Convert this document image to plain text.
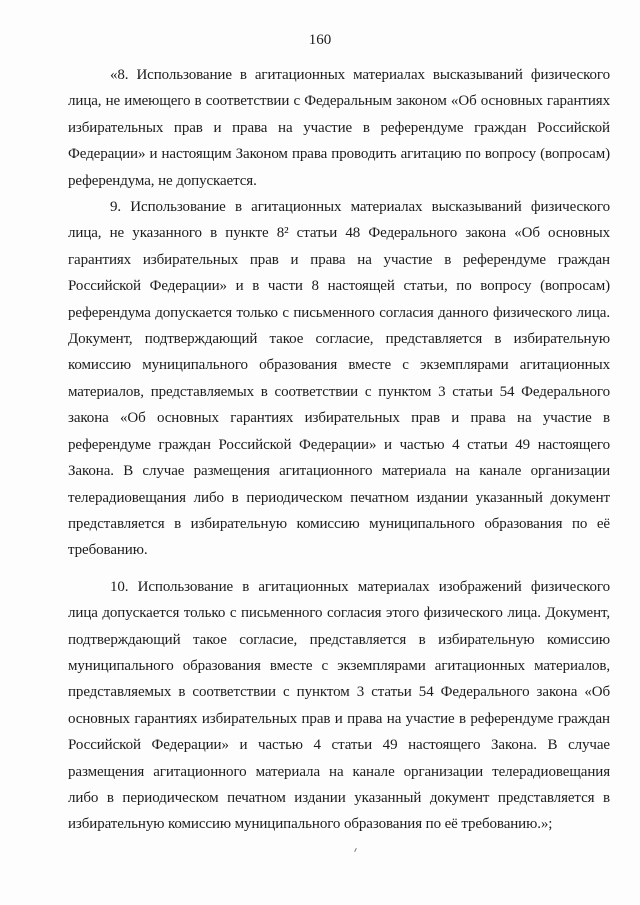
160

«8. Использование в агитационных материалах высказываний физического лица, не имеющего в соответствии с Федеральным законом «Об основных гарантиях избирательных прав и права на участие в референдуме граждан Российской Федерации» и настоящим Законом права проводить агитацию по вопросу (вопросам) референдума, не допускается.

9. Использование в агитационных материалах высказываний физического лица, не указанного в пункте 8² статьи 48 Федерального закона «Об основных гарантиях избирательных прав и права на участие в референдуме граждан Российской Федерации» и в части 8 настоящей статьи, по вопросу (вопросам) референдума допускается только с письменного согласия данного физического лица. Документ, подтверждающий такое согласие, представляется в избирательную комиссию муниципального образования вместе с экземплярами агитационных материалов, представляемых в соответствии с пунктом 3 статьи 54 Федерального закона «Об основных гарантиях избирательных прав и права на участие в референдуме граждан Российской Федерации» и частью 4 статьи 49 настоящего Закона. В случае размещения агитационного материала на канале организации телерадиовещания либо в периодическом печатном издании указанный документ представляется в избирательную комиссию муниципального образования по её требованию.

10. Использование в агитационных материалах изображений физического лица допускается только с письменного согласия этого физического лица. Документ, подтверждающий такое согласие, представляется в избирательную комиссию муниципального образования вместе с экземплярами агитационных материалов, представляемых в соответствии с пунктом 3 статьи 54 Федерального закона «Об основных гарантиях избирательных прав и права на участие в референдуме граждан Российской Федерации» и частью 4 статьи 49 настоящего Закона. В случае размещения агитационного материала на канале организации телерадиовещания либо в периодическом печатном издании указанный документ представляется в избирательную комиссию муниципального образования по её требованию.»;
